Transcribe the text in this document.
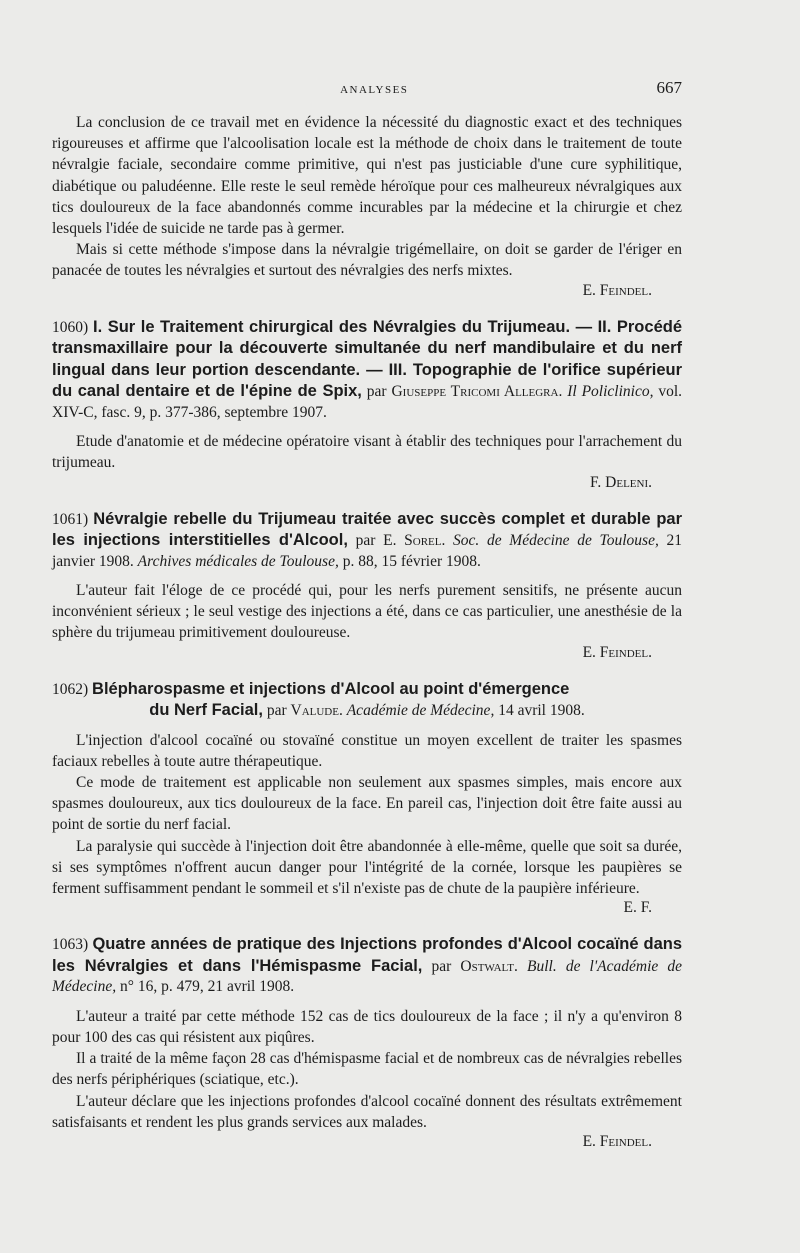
ANALYSES	667

La conclusion de ce travail met en évidence la nécessité du diagnostic exact et des techniques rigoureuses et affirme que l'alcoolisation locale est la méthode de choix dans le traitement de toute névralgie faciale, secondaire comme primitive, qui n'est pas justiciable d'une cure syphilitique, diabétique ou paludéenne. Elle reste le seul remède héroïque pour ces malheureux névralgiques aux tics douloureux de la face abandonnés comme incurables par la médecine et la chirurgie et chez lesquels l'idée de suicide ne tarde pas à germer.

Mais si cette méthode s'impose dans la névralgie trigémellaire, on doit se garder de l'ériger en panacée de toutes les névralgies et surtout des névralgies des nerfs mixtes.

E. Feindel.

1060) I. Sur le Traitement chirurgical des Névralgies du Trijumeau. — II. Procédé transmaxillaire pour la découverte simultanée du nerf mandibulaire et du nerf lingual dans leur portion descendante. — III. Topographie de l'orifice supérieur du canal dentaire et de l'épine de Spix, par Giuseppe Tricomi Allegra. Il Policlinico, vol. XIV-C, fasc. 9, p. 377-386, septembre 1907.

Etude d'anatomie et de médecine opératoire visant à établir des techniques pour l'arrachement du trijumeau.

F. Deleni.

1061) Névralgie rebelle du Trijumeau traitée avec succès complet et durable par les injections interstitielles d'Alcool, par E. Sorel. Soc. de Médecine de Toulouse, 21 janvier 1908. Archives médicales de Toulouse, p. 88, 15 février 1908.

L'auteur fait l'éloge de ce procédé qui, pour les nerfs purement sensitifs, ne présente aucun inconvénient sérieux ; le seul vestige des injections a été, dans ce cas particulier, une anesthésie de la sphère du trijumeau primitivement douloureuse.

E. Feindel.

1062) Blépharospasme et injections d'Alcool au point d'émergence
du Nerf Facial, par Valude. Académie de Médecine, 14 avril 1908.

L'injection d'alcool cocaïné ou stovaïné constitue un moyen excellent de traiter les spasmes faciaux rebelles à toute autre thérapeutique.

Ce mode de traitement est applicable non seulement aux spasmes simples, mais encore aux spasmes douloureux, aux tics douloureux de la face. En pareil cas, l'injection doit être faite aussi au point de sortie du nerf facial.

La paralysie qui succède à l'injection doit être abandonnée à elle-même, quelle que soit sa durée, si ses symptômes n'offrent aucun danger pour l'intégrité de la cornée, lorsque les paupières se ferment suffisamment pendant le sommeil et s'il n'existe pas de chute de la paupière inférieure.

E. F.

1063) Quatre années de pratique des Injections profondes d'Alcool cocaïné dans les Névralgies et dans l'Hémispasme Facial, par Ostwalt. Bull. de l'Académie de Médecine, n° 16, p. 479, 21 avril 1908.

L'auteur a traité par cette méthode 152 cas de tics douloureux de la face ; il n'y a qu'environ 8 pour 100 des cas qui résistent aux piqûres.

Il a traité de la même façon 28 cas d'hémispasme facial et de nombreux cas de névralgies rebelles des nerfs périphériques (sciatique, etc.).

L'auteur déclare que les injections profondes d'alcool cocaïné donnent des résultats extrêmement satisfaisants et rendent les plus grands services aux malades.

E. Feindel.
